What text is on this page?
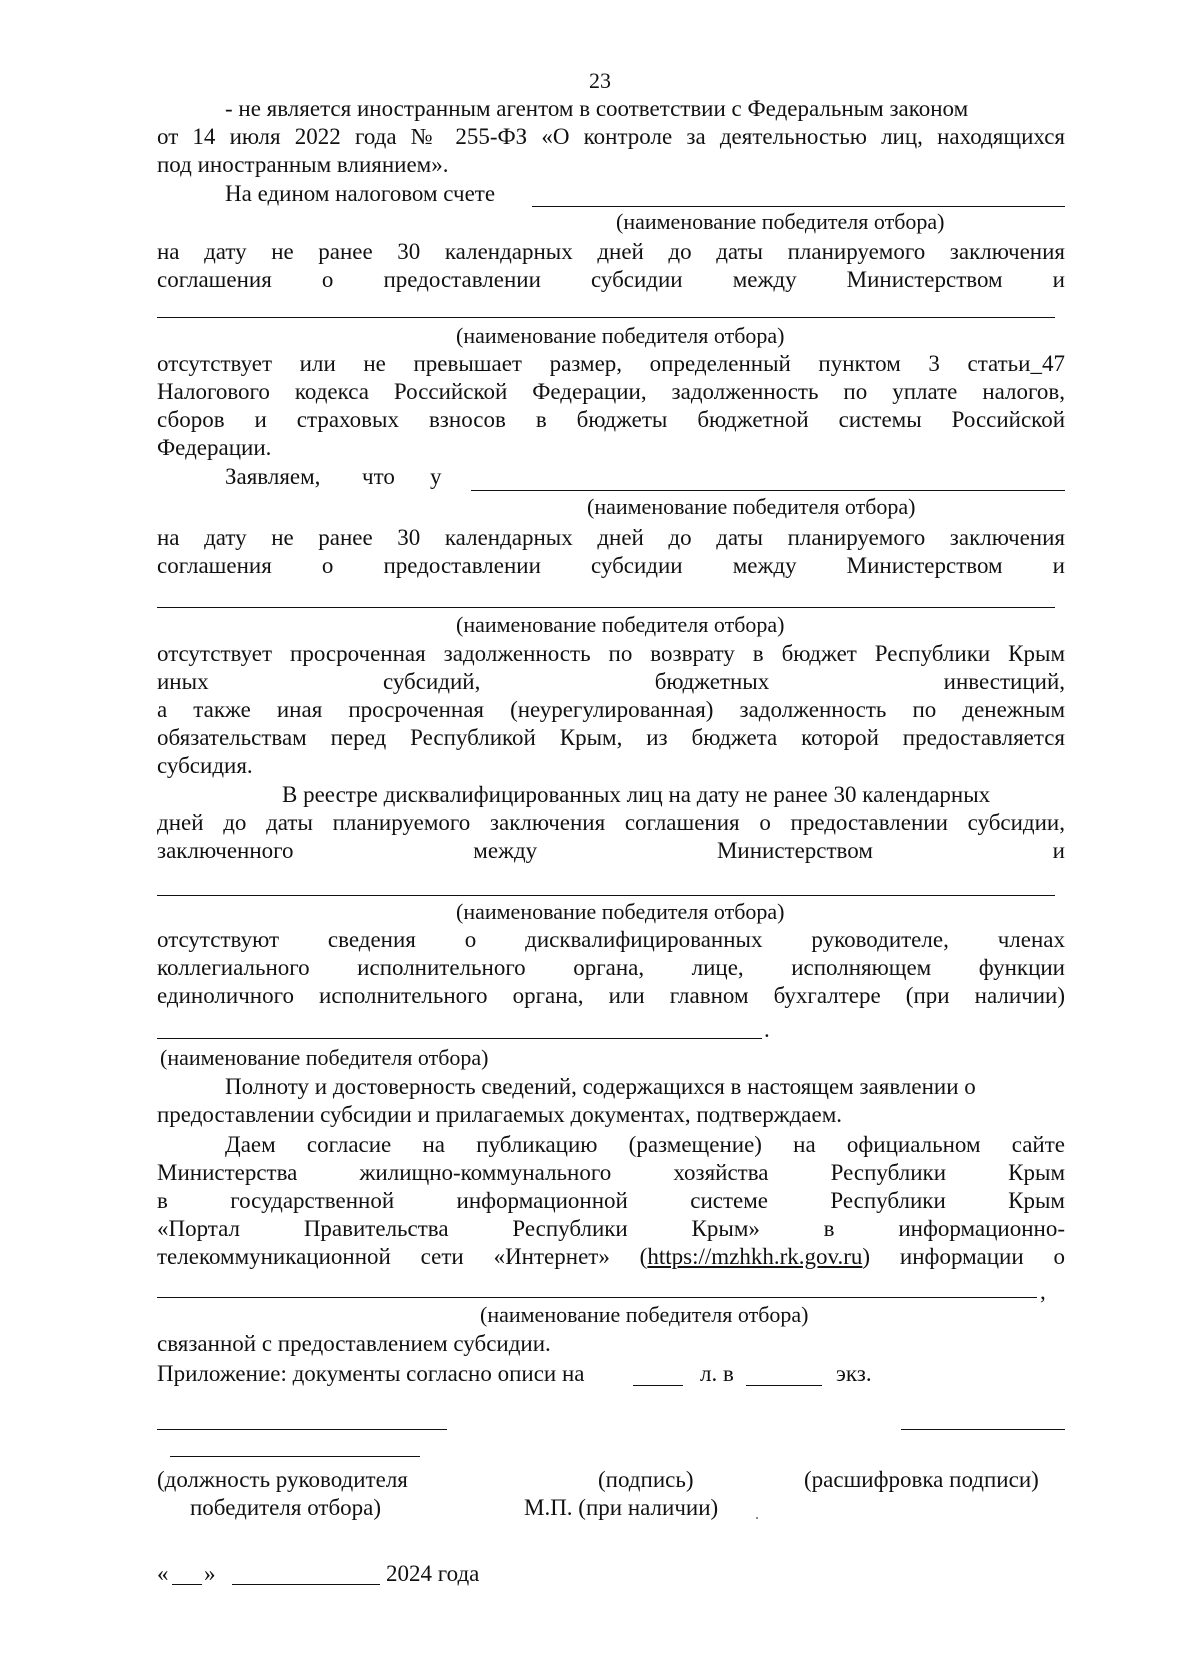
23
- не является иностранным агентом в соответствии с Федеральным законом
от 14 июля 2022 года № 255-ФЗ «О контроле за деятельностью лиц, находящихся
под иностранным влиянием».
На едином налоговом счете
(наименование победителя отбора)
на дату не ранее 30 календарных дней до даты планируемого заключения
соглашения о предоставлении субсидии между Министерством и
(наименование победителя отбора)
отсутствует или не превышает размер, определенный пунктом 3 статьи_47
Налогового кодекса Российской Федерации, задолженность по уплате налогов,
сборов и страховых взносов в бюджеты бюджетной системы Российской
Федерации.
Заявляем, что у
(наименование победителя отбора)
на дату не ранее 30 календарных дней до даты планируемого заключения
соглашения о предоставлении субсидии между Министерством и
(наименование победителя отбора)
отсутствует просроченная задолженность по возврату в бюджет Республики Крым
иных субсидий, бюджетных инвестиций,
а также иная просроченная (неурегулированная) задолженность по денежным
обязательствам перед Республикой Крым, из бюджета которой предоставляется
субсидия.
В реестре дисквалифицированных лиц на дату не ранее 30 календарных
дней до даты планируемого заключения соглашения о предоставлении субсидии,
заключенного между Министерством и
(наименование победителя отбора)
отсутствуют сведения о дисквалифицированных руководителе, членах
коллегиального исполнительного органа, лице, исполняющем функции
единоличного исполнительного органа, или главном бухгалтере (при наличии)
.
(наименование победителя отбора)
Полноту и достоверность сведений, содержащихся в настоящем заявлении о
предоставлении субсидии и прилагаемых документах, подтверждаем.
Даем согласие на публикацию (размещение) на официальном сайте
Министерства жилищно-коммунального хозяйства Республики Крым
в государственной информационной системе Республики Крым
«Портал Правительства Республики Крым» в информационно-
телекоммуникационной сети «Интернет» (https://mzhkh.rk.gov.ru) информации о
,
(наименование победителя отбора)
связанной с предоставлением субсидии.
Приложение: документы согласно описи на	л. в	экз.
(должность руководителя
победителя отбора)
(подпись)
М.П. (при наличии)
(расшифровка подписи)
« »	2024 года
